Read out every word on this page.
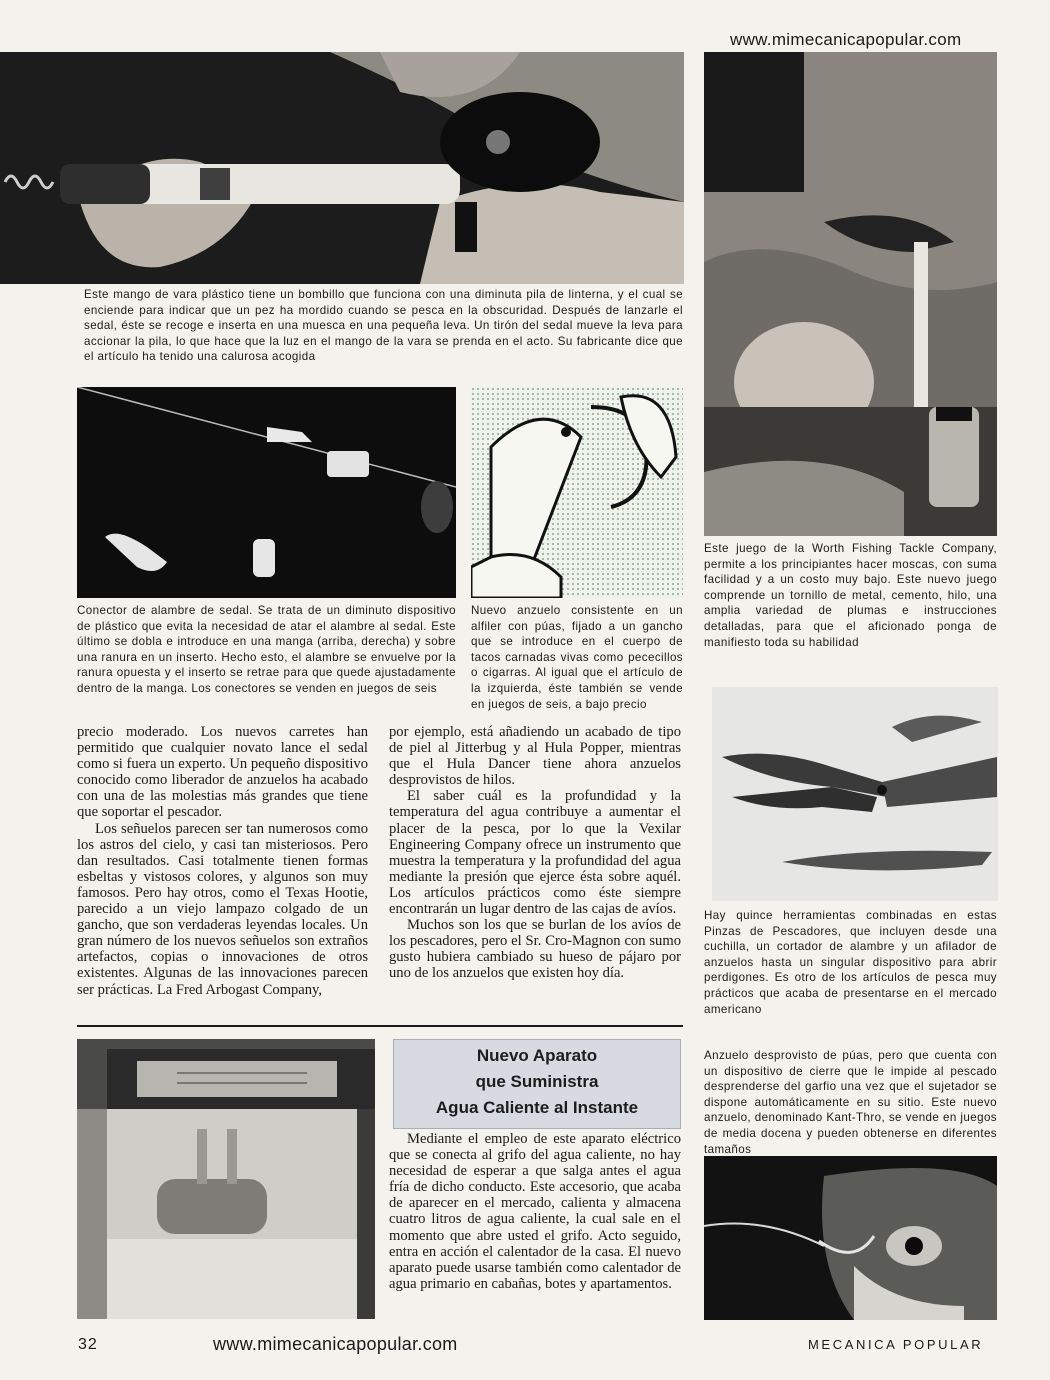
www.mimecanicapopular.com
Este mango de vara plástico tiene un bombillo que funciona con una diminuta pila de linterna, y el cual se enciende para indicar que un pez ha mordido cuando se pesca en la obscuridad. Después de lanzarle el sedal, éste se recoge e inserta en una muesca en una pequeña leva. Un tirón del sedal mueve la leva para accionar la pila, lo que hace que la luz en el mango de la vara se prenda en el acto. Su fabricante dice que el artículo ha tenido una calurosa acogida
Conector de alambre de sedal. Se trata de un diminuto dispositivo de plástico que evita la necesidad de atar el alambre al sedal. Este último se dobla e introduce en una manga (arriba, derecha) y sobre una ranura en un inserto. Hecho esto, el alambre se envuelve por la ranura opuesta y el inserto se retrae para que quede ajustadamente dentro de la manga. Los conectores se venden en juegos de seis
Nuevo anzuelo consistente en un alfiler con púas, fijado a un gancho que se introduce en el cuerpo de tacos carnadas vivas como pececillos o cigarras. Al igual que el artículo de la izquierda, éste también se vende en juegos de seis, a bajo precio
Este juego de la Worth Fishing Tackle Company, permite a los principiantes hacer moscas, con suma facilidad y a un costo muy bajo. Este nuevo juego comprende un tornillo de metal, cemento, hilo, una amplia variedad de plumas e instrucciones detalladas, para que el aficionado ponga de manifiesto toda su habilidad
Hay quince herramientas combinadas en estas Pinzas de Pescadores, que incluyen desde una cuchilla, un cortador de alambre y un afilador de anzuelos hasta un singular dispositivo para abrir perdigones. Es otro de los artículos de pesca muy prácticos que acaba de presentarse en el mercado americano

precio moderado. Los nuevos carretes han permitido que cualquier novato lance el sedal como si fuera un experto. Un pequeño dispositivo conocido como liberador de anzuelos ha acabado con una de las molestias más grandes que tiene que soportar el pescador.

Los señuelos parecen ser tan numerosos como los astros del cielo, y casi tan misteriosos. Pero dan resultados. Casi totalmente tienen formas esbeltas y vistosos colores, y algunos son muy famosos. Pero hay otros, como el Texas Hootie, parecido a un viejo lampazo colgado de un gancho, que son verdaderas leyendas locales. Un gran número de los nuevos señuelos son extraños artefactos, copias o innovaciones de otros existentes. Algunas de las innovaciones parecen ser prácticas. La Fred Arbogast Company,

por ejemplo, está añadiendo un acabado de tipo de piel al Jitterbug y al Hula Popper, mientras que el Hula Dancer tiene ahora anzuelos desprovistos de hilos.

El saber cuál es la profundidad y la temperatura del agua contribuye a aumentar el placer de la pesca, por lo que la Vexilar Engineering Company ofrece un instrumento que muestra la temperatura y la profundidad del agua mediante la presión que ejerce ésta sobre aquél. Los artículos prácticos como éste siempre encontrarán un lugar dentro de las cajas de avíos.

Muchos son los que se burlan de los avíos de los pescadores, pero el Sr. Cro-Magnon con sumo gusto hubiera cambiado su hueso de pájaro por uno de los anzuelos que existen hoy día.

Nuevo Aparato
que Suministra
Agua Caliente al Instante

Mediante el empleo de este aparato eléctrico que se conecta al grifo del agua caliente, no hay necesidad de esperar a que salga antes el agua fría de dicho conducto. Este accesorio, que acaba de aparecer en el mercado, calienta y almacena cuatro litros de agua caliente, la cual sale en el momento que abre usted el grifo. Acto seguido, entra en acción el calentador de la casa. El nuevo aparato puede usarse también como calentador de agua primario en cabañas, botes y apartamentos.

Anzuelo desprovisto de púas, pero que cuenta con un dispositivo de cierre que le impide al pescado desprenderse del garfio una vez que el sujetador se dispone automáticamente en su sitio. Este nuevo anzuelo, denominado Kant-Thro, se vende en juegos de media docena y pueden obtenerse en diferentes tamaños
32	www.mimecanicapopular.com	MECANICA POPULAR
